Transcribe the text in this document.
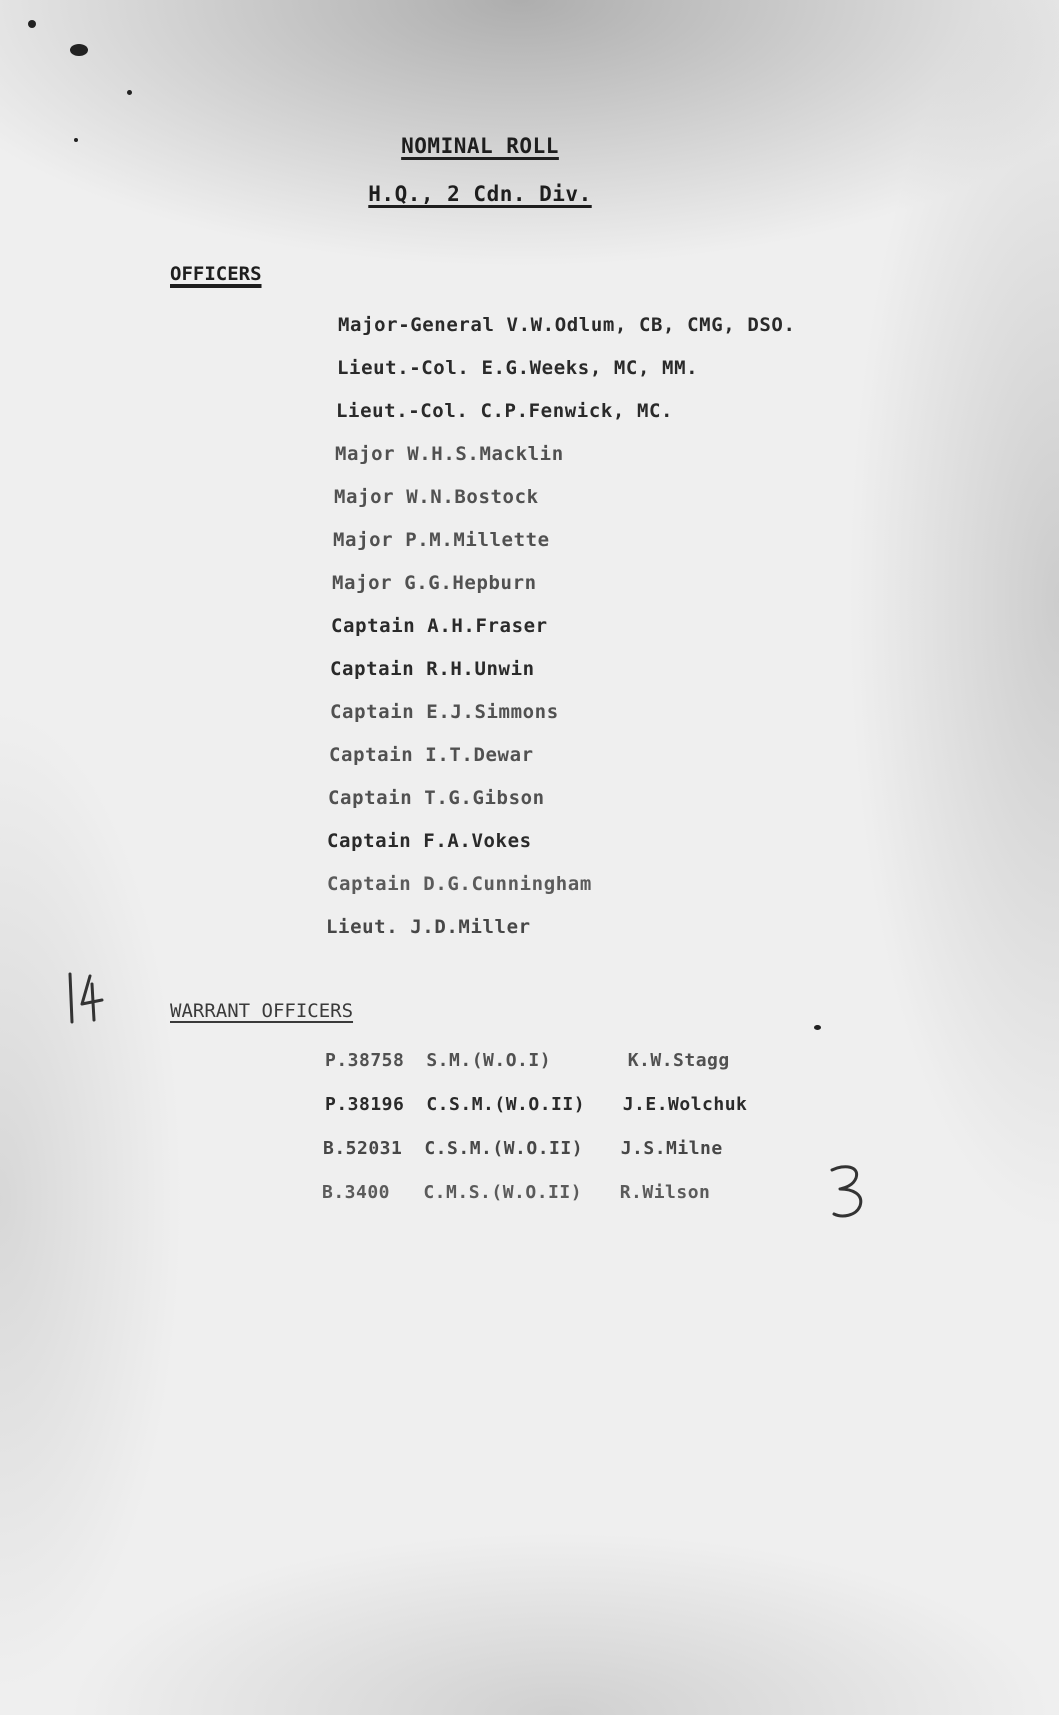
NOMINAL ROLL
H.Q., 2 Cdn. Div.
OFFICERS
Major-General V.W.Odlum, CB, CMG, DSO.
Lieut.-Col. E.G.Weeks, MC, MM.
Lieut.-Col. C.P.Fenwick, MC.
Major W.H.S.Macklin
Major W.N.Bostock
Major P.M.Millette
Major G.G.Hepburn
Captain A.H.Fraser
Captain R.H.Unwin
Captain E.J.Simmons
Captain I.T.Dewar
Captain T.G.Gibson
Captain F.A.Vokes
Captain D.G.Cunningham
Lieut. J.D.Miller
WARRANT OFFICERS
P.38758 S.M.(W.O.I)	K.W.Stagg
P.38196 C.S.M.(W.O.II) J.E.Wolchuk
B.52031 C.S.M.(W.O.II) J.S.Milne
B.3400 C.M.S.(W.O.II) R.Wilson
